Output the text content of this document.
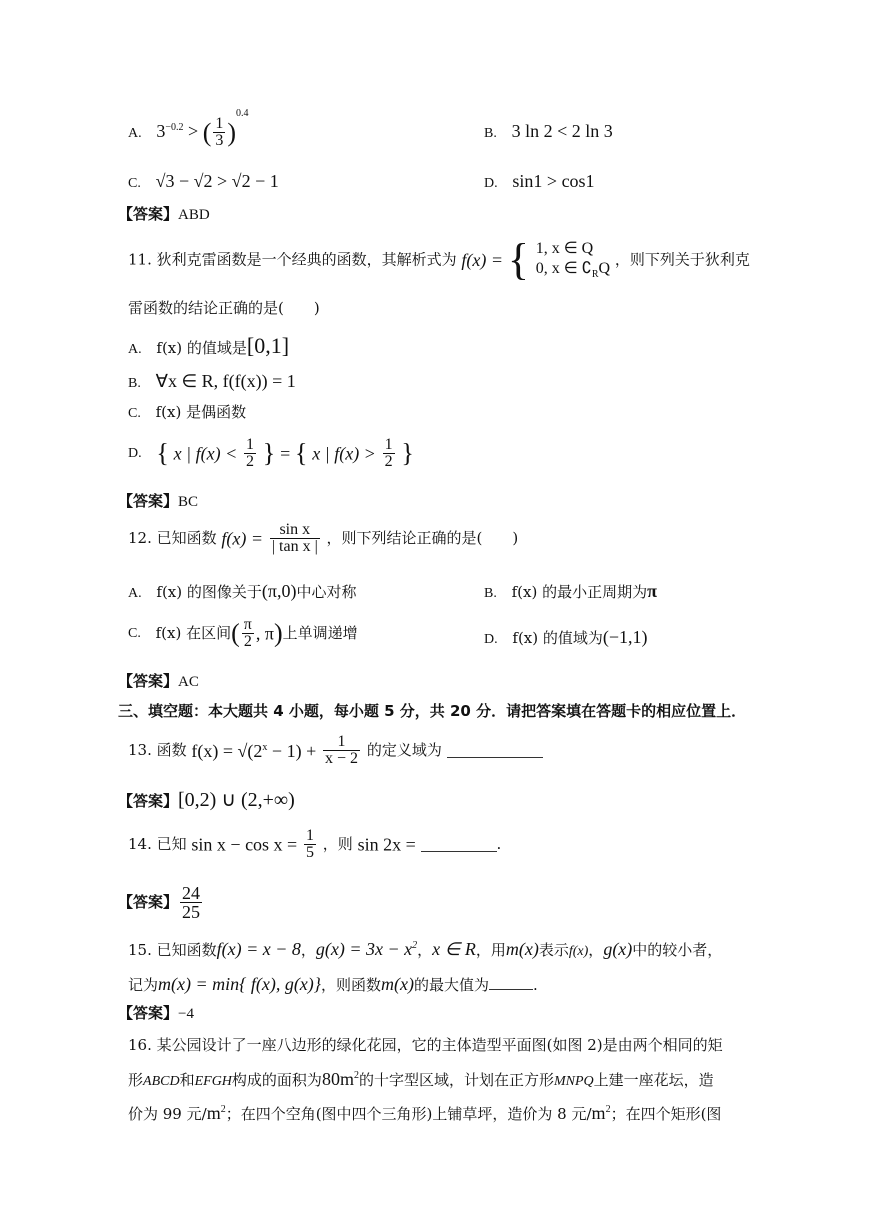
A. $3^{-0.2}$ > ( $\frac{1}{3} )^{0.4}$
B. 3 ln 2 < 2 ln 3
C. √3 − √2 > √2 − 1	D. sin1 > cos1
【答案】ABD
11. 狄利克雷函数是一个经典的函数，其解析式为 f(x) = { 1, x ∈ Q
0, x ∈ $∁_RQ$
，则下列关于狄利克
雷函数的结论正确的是(　　)
A. f(x) 的值域是[0,1]
B. ∀x ∈ R, f(f(x)) = 1
C. f(x) 是偶函数
D. { x | $f(x) < \frac{1}{2}$ } = { x | $f(x) > \frac{1}{2}$ }
【答案】BC
12. 已知函数 $f(x) = \frac{\text{sin x}}{\text{| tan x |}}$ ，则下列结论正确的是(　　)
A. f(x) 的图像关于(π,0)中心对称	B. f(x) 的最小正周期为π
C. f(x) 在区间( $\frac{\pi}{2}$ , π)上单调递增	D. f(x) 的值域为(−1,1)
【答案】AC
三、填空题：本大题共 4 小题，每小题 5 分，共 20 分．请把答案填在答题卡的相应位置上．
13. 函数 $f(x) = √(2^x - 1) + \frac{1}{x - 2}$ 的定义域为
【答案】[0,2) ∪ (2,+∞)
14. 已知 $\sin x - \cos x = \frac{1}{5}$ ，则 sin 2x =	.
【答案】 $\frac{24}{25}$
15. 已知函数f(x) = x − 8，$g(x) = 3x - x^2$，x ∈ R，用m(x)表示f(x)，g(x)中的较小者，
记为m(x) = min{ f(x), g(x)}，则函数m(x)的最大值为	.
【答案】−4
16. 某公园设计了一座八边形的绿化花园，它的主体造型平面图(如图 2)是由两个相同的矩
形ABCD和EFGH构成的面积为$80m^2$的十字型区域，计划在正方形MNPQ上建一座花坛，造
价为 99 元$/m^2$；在四个空角(图中四个三角形)上铺草坪，造价为 8 元$/m^2$；在四个矩形(图
